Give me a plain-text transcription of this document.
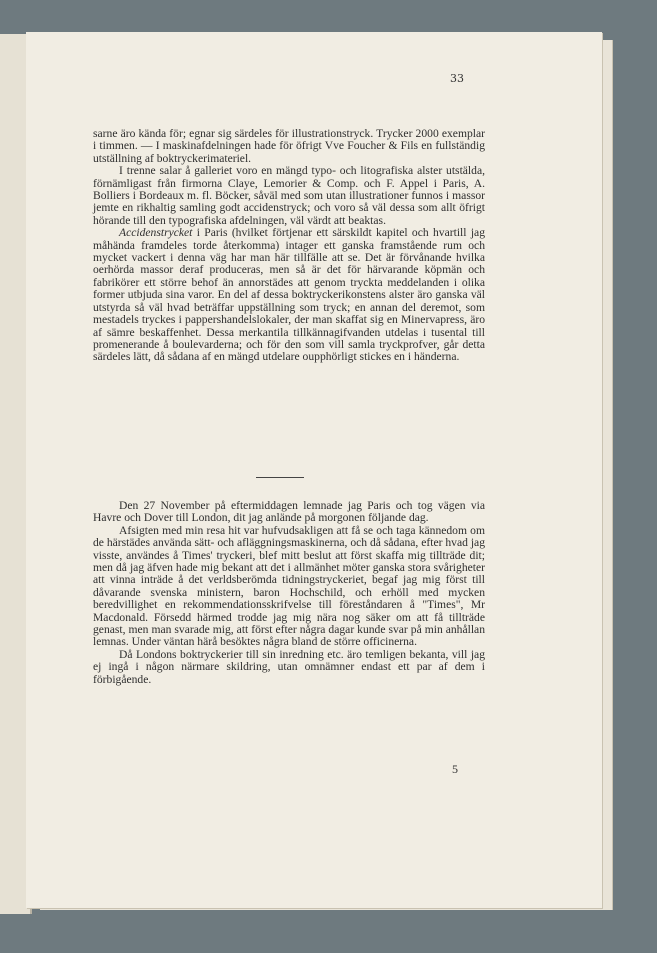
33

sarne äro kända för; egnar sig särdeles för illustrationstryck. Trycker 2000 exemplar i timmen. — I maskinafdelningen hade för öfrigt Vve Foucher & Fils en fullständig utställning af boktryckerimateriel.

I trenne salar å galleriet voro en mängd typo- och litografiska alster utstälda, förnämligast från firmorna Claye, Lemorier & Comp. och F. Appel i Paris, A. Bolliers i Bordeaux m. fl. Böcker, såväl med som utan illustrationer funnos i massor jemte en rikhaltig samling godt accidenstryck; och voro så väl dessa som allt öfrigt hörande till den typografiska afdelningen, väl värdt att beaktas.

Accidenstrycket i Paris (hvilket förtjenar ett särskildt kapitel och hvartill jag måhända framdeles torde återkomma) intager ett ganska framstående rum och mycket vackert i denna väg har man här tillfälle att se. Det är förvånande hvilka oerhörda massor deraf produceras, men så är det för härvarande köpmän och fabrikörer ett större behof än annorstädes att genom tryckta meddelanden i olika former utbjuda sina varor. En del af dessa boktryckerikonstens alster äro ganska väl utstyrda så väl hvad beträffar uppställning som tryck; en annan del deremot, som mestadels tryckes i pappershandelslokaler, der man skaffat sig en Minervapress, äro af sämre beskaffenhet. Dessa merkantila tillkännagifvanden utdelas i tusental till promenerande å boulevarderna; och för den som vill samla tryckprofver, går detta särdeles lätt, då sådana af en mängd utdelare oupphörligt stickes en i händerna.

Den 27 November på eftermiddagen lemnade jag Paris och tog vägen via Havre och Dover till London, dit jag anlände på morgonen följande dag.

Afsigten med min resa hit var hufvudsakligen att få se och taga kännedom om de härstädes använda sätt- och afläggningsmaskinerna, och då sådana, efter hvad jag visste, användes å Times' tryckeri, blef mitt beslut att först skaffa mig tillträde dit; men då jag äfven hade mig bekant att det i allmänhet möter ganska stora svårigheter att vinna inträde å det verldsberömda tidningstryckeriet, begaf jag mig först till dåvarande svenska ministern, baron Hochschild, och erhöll med mycken beredvillighet en rekommendationsskrifvelse till föreståndaren å "Times", Mr Macdonald. Försedd härmed trodde jag mig nära nog säker om att få tillträde genast, men man svarade mig, att först efter några dagar kunde svar på min anhållan lemnas. Under väntan härå besöktes några bland de större officinerna.

Då Londons boktryckerier till sin inredning etc. äro temligen bekanta, vill jag ej ingå i någon närmare skildring, utan omnämner endast ett par af dem i förbigående.

5
